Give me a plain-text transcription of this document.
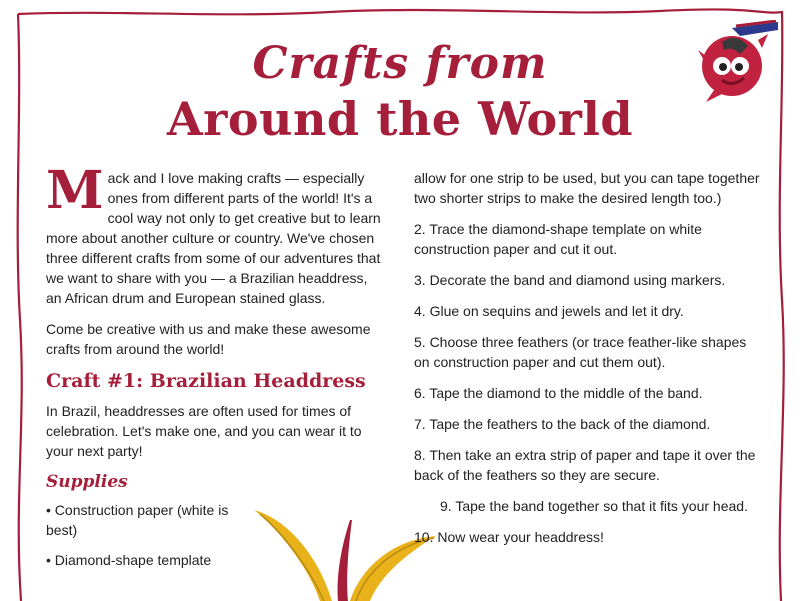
Crafts from
Around the World

Mack and I love making crafts — especially ones from different parts of the world! It's a cool way not only to get creative but to learn more about another culture or country. We've chosen three different crafts from some of our adventures that we want to share with you — a Brazilian headdress, an African drum and European stained glass.

Come be creative with us and make these awesome crafts from around the world!

Craft #1: Brazilian Headdress

In Brazil, headdresses are often used for times of celebration. Let's make one, and you can wear it to your next party!

Supplies
• Construction paper (white is best)
• Diamond-shape template

allow for one strip to be used, but you can tape together two shorter strips to make the desired length too.)

2. Trace the diamond-shape template on white construction paper and cut it out.

3. Decorate the band and diamond using markers.

4. Glue on sequins and jewels and let it dry.

5. Choose three feathers (or trace feather-like shapes on construction paper and cut them out).

6. Tape the diamond to the middle of the band.

7. Tape the feathers to the back of the diamond.

8. Then take an extra strip of paper and tape it over the back of the feathers so they are secure.

9. Tape the band together so that it fits your head.

10. Now wear your headdress!
